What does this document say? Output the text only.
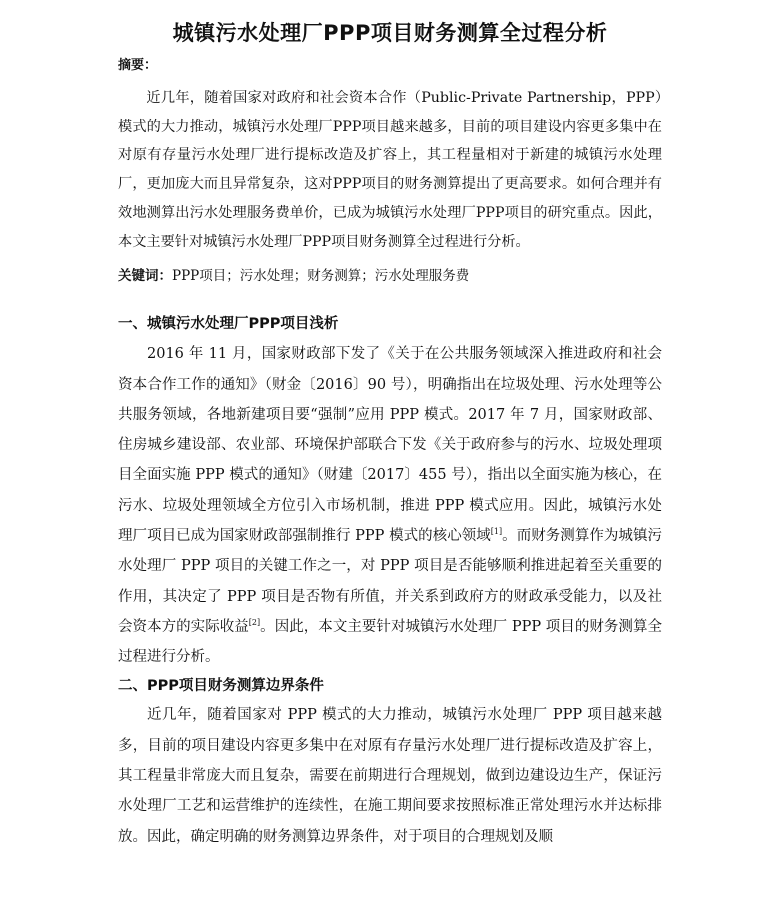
城镇污水处理厂PPP项目财务测算全过程分析
摘要：

近几年，随着国家对政府和社会资本合作（Public-Private Partnership，PPP）模式的大力推动，城镇污水处理厂PPP项目越来越多，目前的项目建设内容更多集中在对原有存量污水处理厂进行提标改造及扩容上，其工程量相对于新建的城镇污水处理厂，更加庞大而且异常复杂，这对PPP项目的财务测算提出了更高要求。如何合理并有效地测算出污水处理服务费单价，已成为城镇污水处理厂PPP项目的研究重点。因此，本文主要针对城镇污水处理厂PPP项目财务测算全过程进行分析。

关键词：PPP项目；污水处理；财务测算；污水处理服务费
一、城镇污水处理厂PPP项目浅析

2016 年 11 月，国家财政部下发了《关于在公共服务领域深入推进政府和社会资本合作工作的通知》（财金〔2016〕90 号），明确指出在垃圾处理、污水处理等公共服务领域，各地新建项目要“强制”应用 PPP 模式。2017 年 7 月，国家财政部、住房城乡建设部、农业部、环境保护部联合下发《关于政府参与的污水、垃圾处理项目全面实施 PPP 模式的通知》（财建〔2017〕455 号），指出以全面实施为核心，在污水、垃圾处理领域全方位引入市场机制，推进 PPP 模式应用。因此，城镇污水处理厂项目已成为国家财政部强制推行 PPP 模式的核心领域[1]。而财务测算作为城镇污水处理厂 PPP 项目的关键工作之一，对 PPP 项目是否能够顺利推进起着至关重要的作用，其决定了 PPP 项目是否物有所值，并关系到政府方的财政承受能力，以及社会资本方的实际收益[2]。因此，本文主要针对城镇污水处理厂 PPP 项目的财务测算全过程进行分析。

二、PPP项目财务测算边界条件

近几年，随着国家对 PPP 模式的大力推动，城镇污水处理厂 PPP 项目越来越多，目前的项目建设内容更多集中在对原有存量污水处理厂进行提标改造及扩容上，其工程量非常庞大而且复杂，需要在前期进行合理规划，做到边建设边生产，保证污水处理厂工艺和运营维护的连续性，在施工期间要求按照标准正常处理污水并达标排放。因此，确定明确的财务测算边界条件，对于项目的合理规划及顺
